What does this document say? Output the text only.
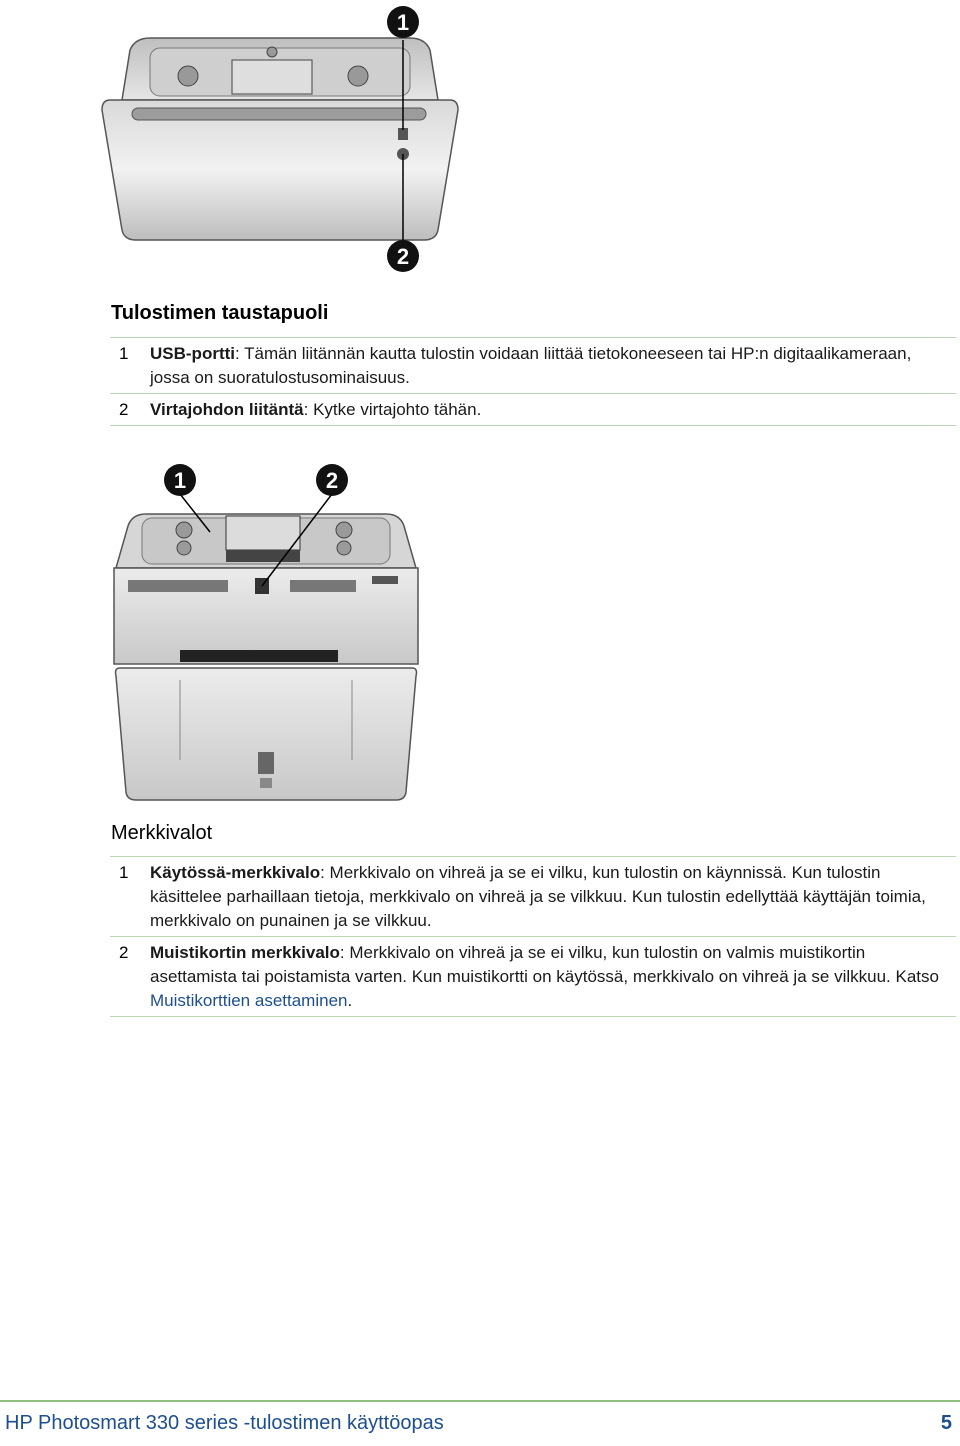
1
2
Tulostimen taustapuoli
1	USB-portti: Tämän liitännän kautta tulostin voidaan liittää tietokoneeseen tai HP:n digitaalikameraan, jossa on suoratulostusominaisuus.
2	Virtajohdon liitäntä: Kytke virtajohto tähän.
1	2
Merkkivalot
1	Käytössä-merkkivalo: Merkkivalo on vihreä ja se ei vilku, kun tulostin on käynnissä. Kun tulostin käsittelee parhaillaan tietoja, merkkivalo on vihreä ja se vilkkuu. Kun tulostin edellyttää käyttäjän toimia, merkkivalo on punainen ja se vilkkuu.
2	Muistikortin merkkivalo: Merkkivalo on vihreä ja se ei vilku, kun tulostin on valmis muistikortin asettamista tai poistamista varten. Kun muistikortti on käytössä, merkkivalo on vihreä ja se vilkkuu. Katso Muistikorttien asettaminen.
HP Photosmart 330 series -tulostimen käyttöopas	5
